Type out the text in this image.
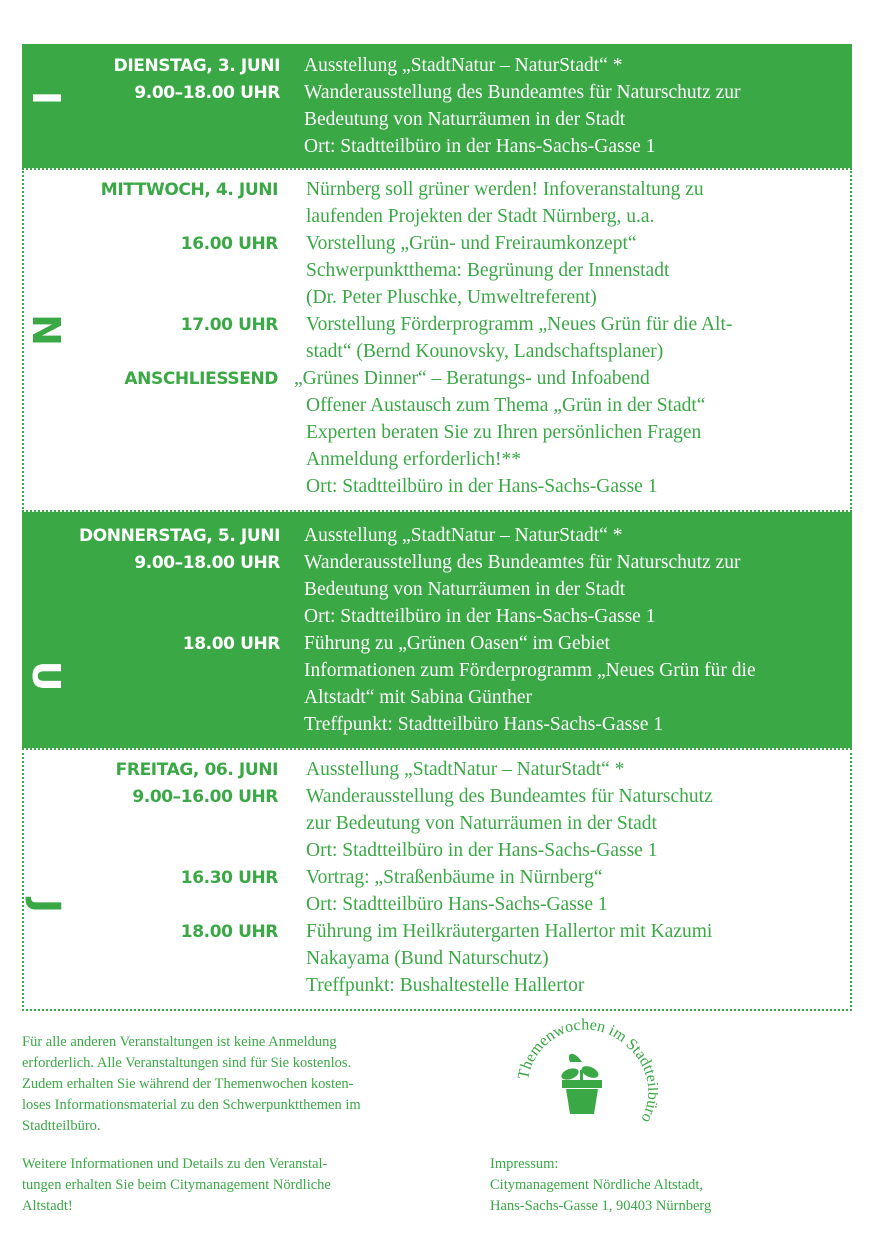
I
DIENSTAG, 3. JUNI Ausstellung „StadtNatur – NaturStadt“ *
9.00–18.00 UHR Wanderausstellung des Bundeamtes für Naturschutz zur
Bedeutung von Naturräumen in der Stadt
Ort: Stadtteilbüro in der Hans-Sachs-Gasse 1
N
MITTWOCH, 4. JUNI Nürnberg soll grüner werden! Infoveranstaltung zu
laufenden Projekten der Stadt Nürnberg, u.a.
16.00 UHR Vorstellung „Grün- und Freiraumkonzept“
Schwerpunktthema: Begrünung der Innenstadt
(Dr. Peter Pluschke, Umweltreferent)
17.00 UHR Vorstellung Förderprogramm „Neues Grün für die Alt-
stadt“ (Bernd Kounovsky, Landschaftsplaner)
ANSCHLIESSEND „Grünes Dinner“ – Beratungs- und Infoabend
Offener Austausch zum Thema „Grün in der Stadt“
Experten beraten Sie zu Ihren persönlichen Fragen
Anmeldung erforderlich!**
Ort: Stadtteilbüro in der Hans-Sachs-Gasse 1
U
DONNERSTAG, 5. JUNI Ausstellung „StadtNatur – NaturStadt“ *
9.00–18.00 UHR Wanderausstellung des Bundeamtes für Naturschutz zur
Bedeutung von Naturräumen in der Stadt
Ort: Stadtteilbüro in der Hans-Sachs-Gasse 1
18.00 UHR Führung zu „Grünen Oasen“ im Gebiet
Informationen zum Förderprogramm „Neues Grün für die
Altstadt“ mit Sabina Günther
Treffpunkt: Stadtteilbüro Hans-Sachs-Gasse 1
J
FREITAG, 06. JUNI Ausstellung „StadtNatur – NaturStadt“ *
9.00–16.00 UHR Wanderausstellung des Bundeamtes für Naturschutz
zur Bedeutung von Naturräumen in der Stadt
Ort: Stadtteilbüro in der Hans-Sachs-Gasse 1
16.30 UHR Vortrag: „Straßenbäume in Nürnberg“
Ort: Stadtteilbüro Hans-Sachs-Gasse 1
18.00 UHR Führung im Heilkräutergarten Hallertor mit Kazumi
Nakayama (Bund Naturschutz)
Treffpunkt: Bushaltestelle Hallertor
Für alle anderen Veranstaltungen ist keine Anmeldung
erforderlich. Alle Veranstaltungen sind für Sie kostenlos.
Zudem erhalten Sie während der Themenwochen kosten-
loses Informationsmaterial zu den Schwerpunktthemen im
Stadtteilbüro.
Weitere Informationen und Details zu den Veranstal-
tungen erhalten Sie beim Citymanagement Nördliche
Altstadt!
Impressum:
Citymanagement Nördliche Altstadt,
Hans-Sachs-Gasse 1, 90403 Nürnberg
Themenwochen im Stadtt ro
